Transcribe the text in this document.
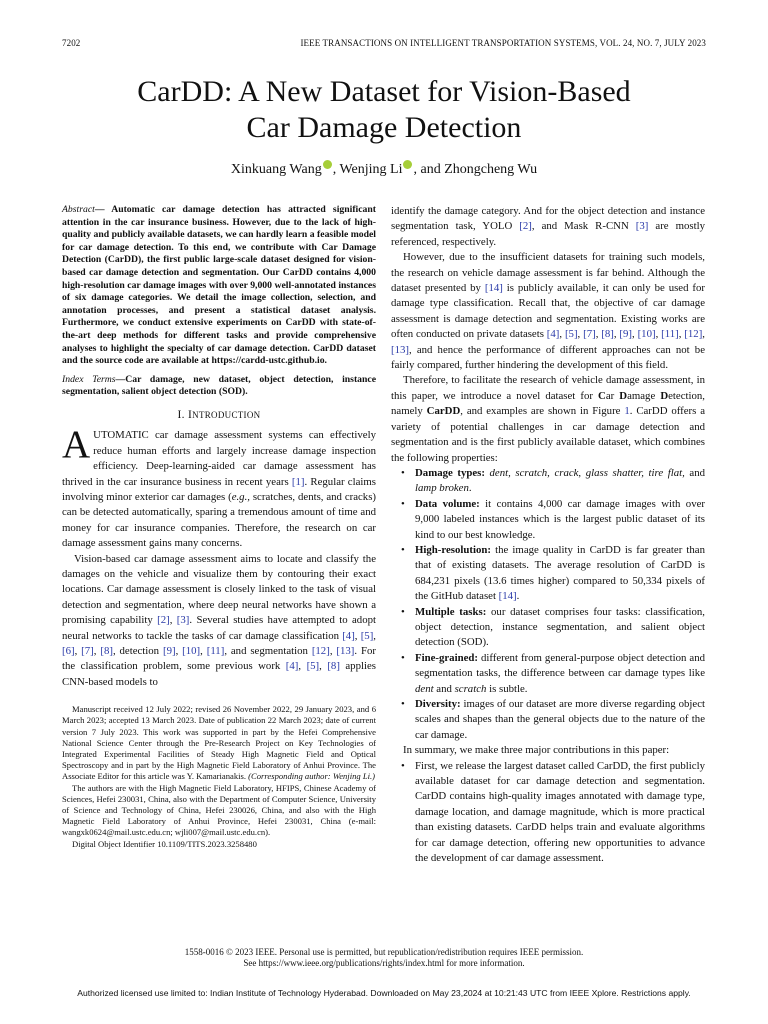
7202	IEEE TRANSACTIONS ON INTELLIGENT TRANSPORTATION SYSTEMS, VOL. 24, NO. 7, JULY 2023
CarDD: A New Dataset for Vision-Based
Car Damage Detection
Xinkuang Wang , Wenjing Li , and Zhongcheng Wu

Abstract— Automatic car damage detection has attracted significant attention in the car insurance business. However, due to the lack of high-quality and publicly available datasets, we can hardly learn a feasible model for car damage detection. To this end, we contribute with Car Damage Detection (CarDD), the first public large-scale dataset designed for vision-based car damage detection and segmentation. Our CarDD contains 4,000 high-resolution car damage images with over 9,000 well-annotated instances of six damage categories. We detail the image collection, selection, and annotation processes, and present a statistical dataset analysis. Furthermore, we conduct extensive experiments on CarDD with state-of-the-art deep methods for different tasks and provide comprehensive analyses to highlight the specialty of car damage detection. CarDD dataset and the source code are available at https://cardd-ustc.github.io.

Index Terms—Car damage, new dataset, object detection, instance segmentation, salient object detection (SOD).

I. INTRODUCTION

AUTOMATIC car damage assessment systems can effectively reduce human efforts and largely increase damage inspection efficiency. Deep-learning-aided car damage assessment has thrived in the car insurance business in recent years [1]. Regular claims involving minor exterior car damages (e.g., scratches, dents, and cracks) can be detected automatically, sparing a tremendous amount of time and money for car insurance companies. Therefore, the research on car damage assessment gains many concerns.

Vision-based car damage assessment aims to locate and classify the damages on the vehicle and visualize them by contouring their exact locations. Car damage assessment is closely linked to the task of visual detection and segmentation, where deep neural networks have shown a promising capability [2], [3]. Several studies have attempted to adopt neural networks to tackle the tasks of car damage classification [4], [5], [6], [7], [8], detection [9], [10], [11], and segmentation [12], [13]. For the classification problem, some previous work [4], [5], [8] applies CNN-based models to

Manuscript received 12 July 2022; revised 26 November 2022, 29 January 2023, and 6 March 2023; accepted 13 March 2023. Date of publication 22 March 2023; date of current version 7 July 2023. This work was supported in part by the Hefei Comprehensive National Science Center through the Pre-Research Project on Key Technologies of Integrated Experimental Facilities of Steady High Magnetic Field and Optical Spectroscopy and in part by the High Magnetic Field Laboratory of Anhui Province. The Associate Editor for this article was Y. Kamarianakis. (Corresponding author: Wenjing Li.)

The authors are with the High Magnetic Field Laboratory, HFIPS, Chinese Academy of Sciences, Hefei 230031, China, also with the Department of Computer Science, University of Science and Technology of China, Hefei 230026, China, and also with the High Magnetic Field Laboratory of Anhui Province, Hefei 230031, China (e-mail: wangxk0624@mail.ustc.edu.cn; wjli007@mail.ustc.edu.cn).

Digital Object Identifier 10.1109/TITS.2023.3258480

identify the damage category. And for the object detection and instance segmentation task, YOLO [2], and Mask R-CNN [3] are mostly referenced, respectively.

However, due to the insufficient datasets for training such models, the research on vehicle damage assessment is far behind. Although the dataset presented by [14] is publicly available, it can only be used for damage type classification. Recall that, the objective of car damage assessment is damage detection and segmentation. Existing works are often conducted on private datasets [4], [5], [7], [8], [9], [10], [11], [12], [13], and hence the performance of different approaches can not be fairly compared, further hindering the development of this field.

Therefore, to facilitate the research of vehicle damage assessment, in this paper, we introduce a novel dataset for Car Damage Detection, namely CarDD, and examples are shown in Figure 1. CarDD offers a variety of potential challenges in car damage detection and segmentation and is the first publicly available dataset, which combines the following properties:

• Damage types: dent, scratch, crack, glass shatter, tire flat, and lamp broken.
• Data volume: it contains 4,000 car damage images with over 9,000 labeled instances which is the largest public dataset of its kind to our best knowledge.
• High-resolution: the image quality in CarDD is far greater than that of existing datasets. The average resolution of CarDD is 684,231 pixels (13.6 times higher) compared to 50,334 pixels of the GitHub dataset [14].
• Multiple tasks: our dataset comprises four tasks: classification, object detection, instance segmentation, and salient object detection (SOD).
• Fine-grained: different from general-purpose object detection and segmentation tasks, the difference between car damage types like dent and scratch is subtle.
• Diversity: images of our dataset are more diverse regarding object scales and shapes than the general objects due to the nature of the car damage.

In summary, we make three major contributions in this paper:

• First, we release the largest dataset called CarDD, the first publicly available dataset for car damage detection and segmentation. CarDD contains high-quality images annotated with damage type, damage location, and damage magnitude, which is more practical than existing datasets. CarDD helps train and evaluate algorithms for car damage detection, offering new opportunities to advance the development of car damage assessment.
1558-0016 © 2023 IEEE. Personal use is permitted, but republication/redistribution requires IEEE permission.
See https://www.ieee.org/publications/rights/index.html for more information.
Authorized licensed use limited to: Indian Institute of Technology Hyderabad. Downloaded on May 23,2024 at 10:21:43 UTC from IEEE Xplore. Restrictions apply.
